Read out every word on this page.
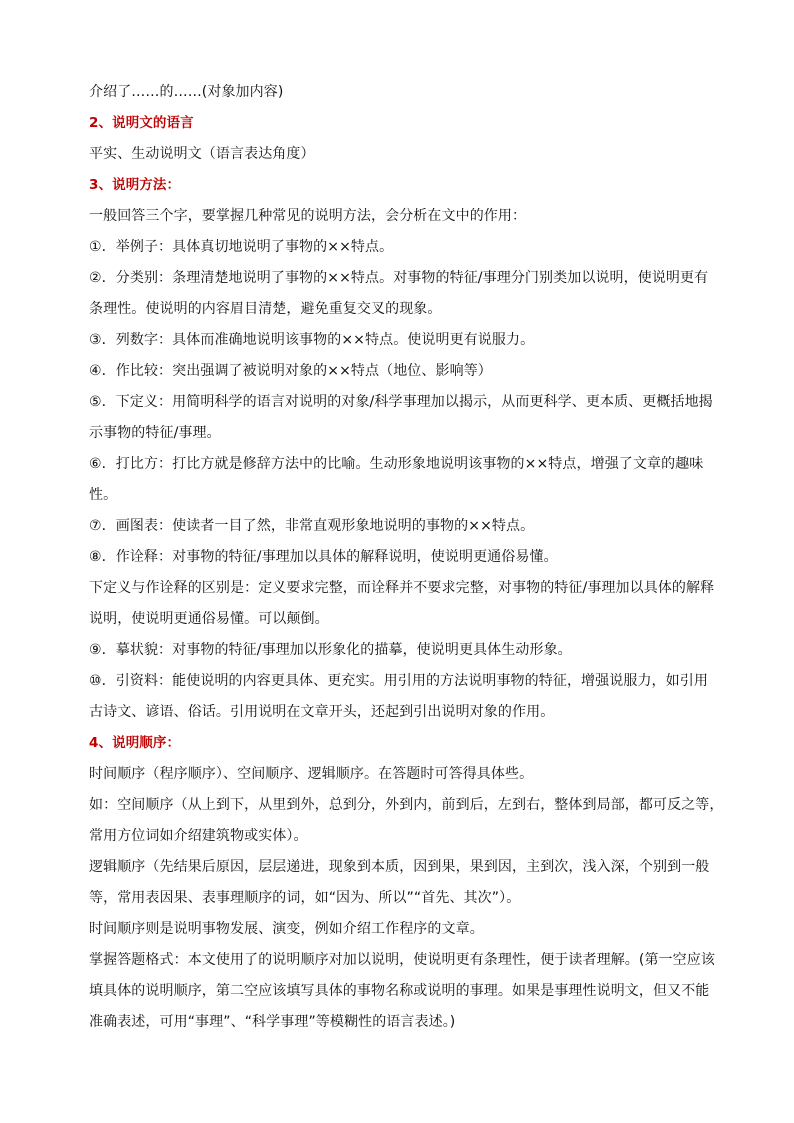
介绍了……的……(对象加内容)
2、说明文的语言
平实、生动说明文（语言表达角度）
3、说明方法：
一般回答三个字，要掌握几种常见的说明方法，会分析在文中的作用：
①．举例子：具体真切地说明了事物的××特点。
②．分类别：条理清楚地说明了事物的××特点。对事物的特征/事理分门别类加以说明，使说明更有
条理性。使说明的内容眉目清楚，避免重复交叉的现象。
③．列数字：具体而准确地说明该事物的××特点。使说明更有说服力。
④．作比较：突出强调了被说明对象的××特点（地位、影响等）
⑤．下定义：用简明科学的语言对说明的对象/科学事理加以揭示，从而更科学、更本质、更概括地揭
示事物的特征/事理。
⑥．打比方：打比方就是修辞方法中的比喻。生动形象地说明该事物的××特点，增强了文章的趣味
性。
⑦．画图表：使读者一目了然，非常直观形象地说明的事物的××特点。
⑧．作诠释：对事物的特征/事理加以具体的解释说明，使说明更通俗易懂。
下定义与作诠释的区别是：定义要求完整，而诠释并不要求完整，对事物的特征/事理加以具体的解释
说明，使说明更通俗易懂。可以颠倒。
⑨．摹状貌：对事物的特征/事理加以形象化的描摹，使说明更具体生动形象。
⑩．引资料：能使说明的内容更具体、更充实。用引用的方法说明事物的特征，增强说服力，如引用
古诗文、谚语、俗话。引用说明在文章开头，还起到引出说明对象的作用。
4、说明顺序：
时间顺序（程序顺序）、空间顺序、逻辑顺序。在答题时可答得具体些。
如：空间顺序（从上到下，从里到外，总到分，外到内，前到后，左到右，整体到局部，都可反之等，
常用方位词如介绍建筑物或实体）。
逻辑顺序（先结果后原因，层层递进，现象到本质，因到果，果到因，主到次，浅入深，个别到一般
等，常用表因果、表事理顺序的词，如“因为、所以”“首先、其次”）。
时间顺序则是说明事物发展、演变，例如介绍工作程序的文章。
掌握答题格式：本文使用了的说明顺序对加以说明，使说明更有条理性，便于读者理解。(第一空应该
填具体的说明顺序，第二空应该填写具体的事物名称或说明的事理。如果是事理性说明文，但又不能
准确表述，可用“事理”、“科学事理”等模糊性的语言表述。)
